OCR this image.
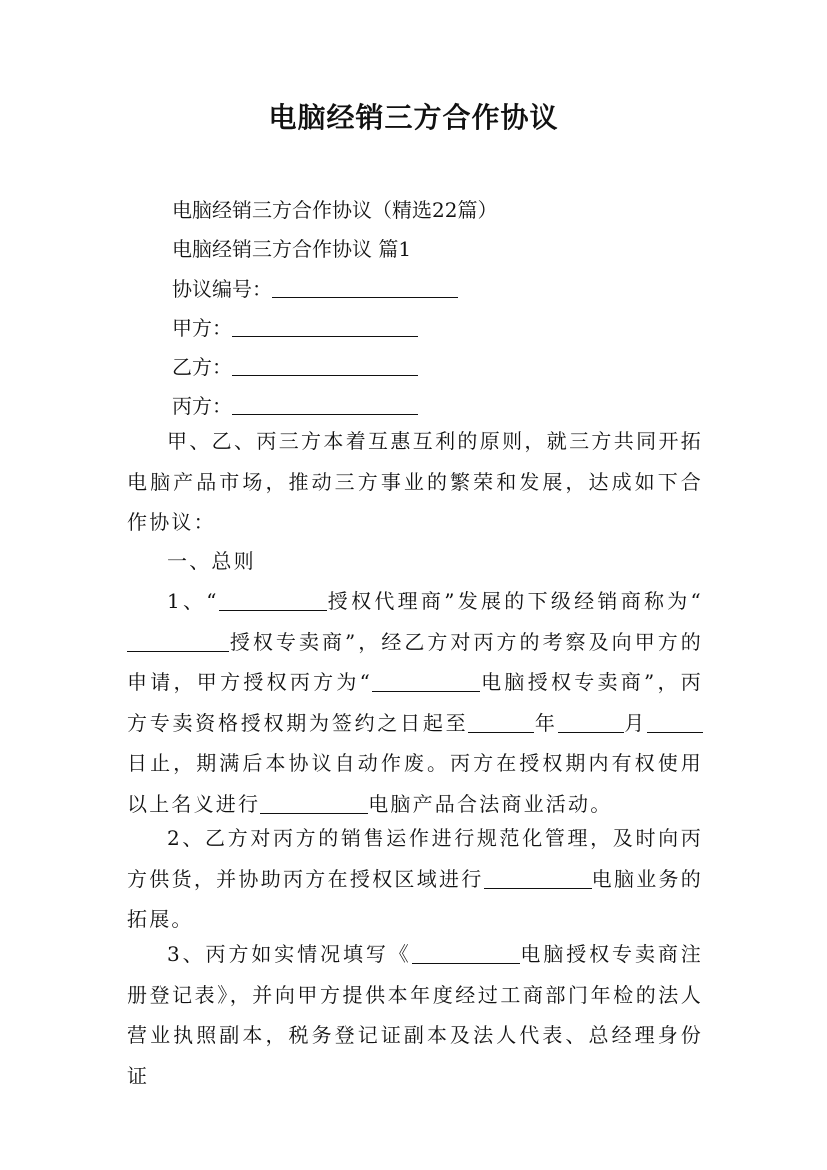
电脑经销三方合作协议
电脑经销三方合作协议（精选22篇）
电脑经销三方合作协议 篇1
协议编号：
甲方：
乙方：
丙方：
甲、乙、丙三方本着互惠互利的原则，就三方共同开拓电脑产品市场，推动三方事业的繁荣和发展，达成如下合作协议：
一、总则
1、“	授权代理商”发展的下级经销商称为“授权专卖商”，经乙方对丙方的考察及向甲方的申请，甲方授权丙方为“	电脑授权专卖商”，丙方专卖资格授权期为签约之日起至	年	月日止，期满后本协议自动作废。丙方在授权期内有权使用以上名义进行	电脑产品合法商业活动。
2、乙方对丙方的销售运作进行规范化管理，及时向丙方供货，并协助丙方在授权区域进行	电脑业务的拓展。
3、丙方如实情况填写《	电脑授权专卖商注册登记表》，并向甲方提供本年度经过工商部门年检的法人营业执照副本，税务登记证副本及法人代表、总经理身份证
